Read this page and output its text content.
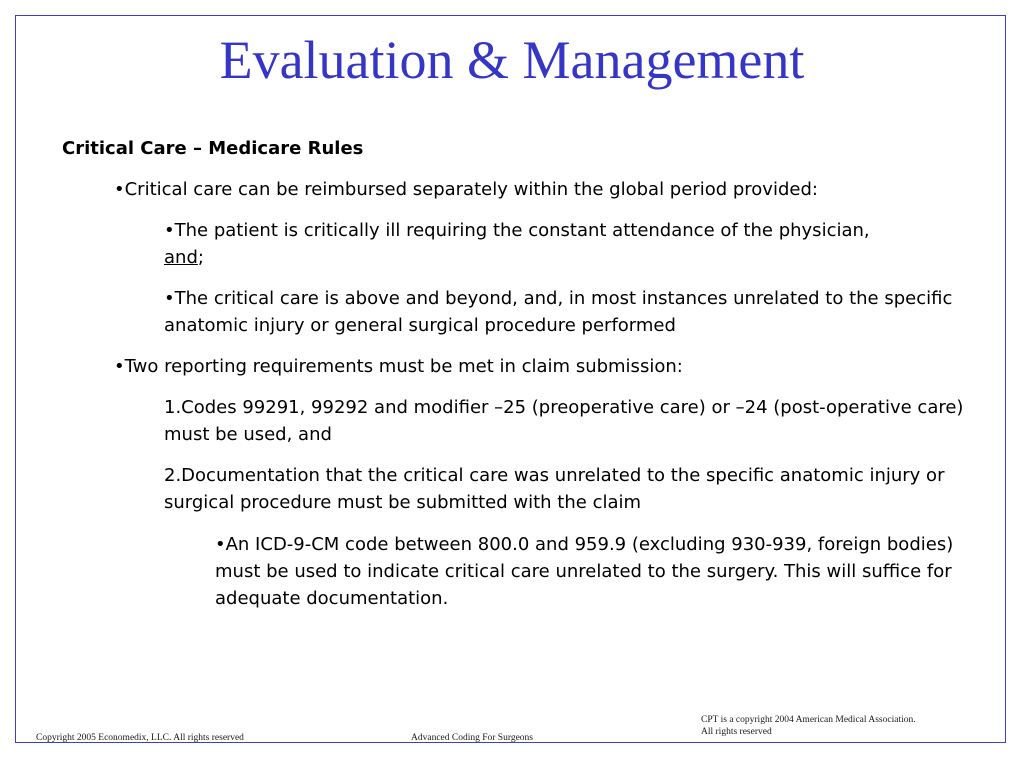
Evaluation & Management
Critical Care – Medicare Rules
•Critical care can be reimbursed separately within the global period provided:
•The patient is critically ill requiring the constant attendance of the physician,
and;
•The critical care is above and beyond, and, in most instances unrelated to the specific anatomic injury or general surgical procedure performed
•Two reporting requirements must be met in claim submission:
1.Codes 99291, 99292 and modifier –25 (preoperative care) or –24 (post-operative care) must be used, and
2.Documentation that the critical care was unrelated to the specific anatomic injury or surgical procedure must be submitted with the claim
•An ICD-9-CM code between 800.0 and 959.9 (excluding 930-939, foreign bodies) must be used to indicate critical care unrelated to the surgery. This will suffice for adequate documentation.
Copyright 2005 Economedix, LLC. All rights reserved	Advanced Coding For Surgeons
CPT is a copyright 2004 American Medical Association.
All rights reserved
